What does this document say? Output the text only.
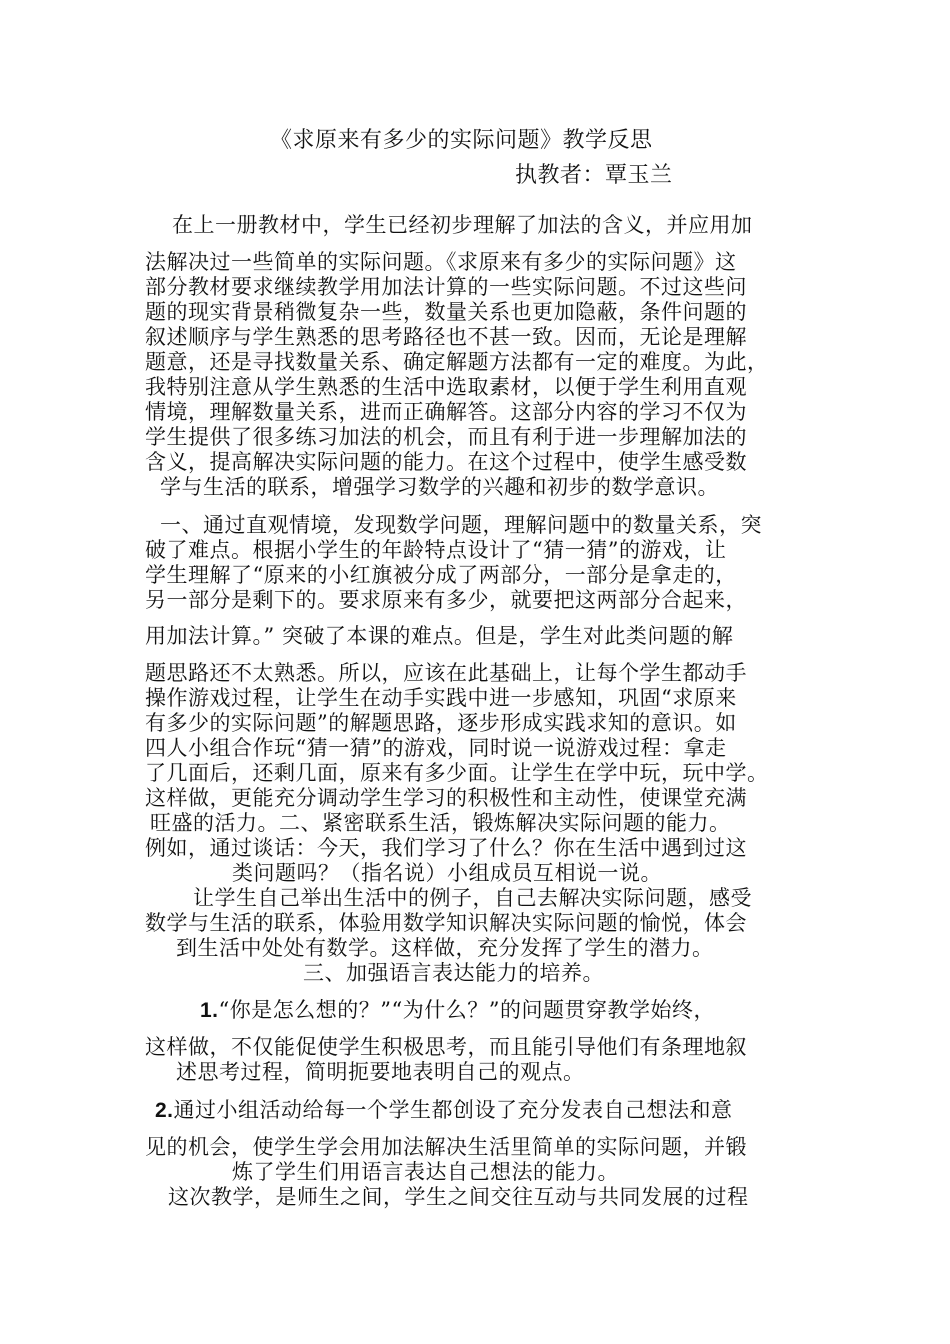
《求原来有多少的实际问题》教学反思
执教者：覃玉兰
在上一册教材中，学生已经初步理解了加法的含义，并应用加
法解决过一些简单的实际问题。《求原来有多少的实际问题》这
部分教材要求继续教学用加法计算的一些实际问题。不过这些问
题的现实背景稍微复杂一些，数量关系也更加隐蔽，条件问题的
叙述顺序与学生熟悉的思考路径也不甚一致。因而，无论是理解
题意，还是寻找数量关系、确定解题方法都有一定的难度。为此，
我特别注意从学生熟悉的生活中选取素材，以便于学生利用直观
情境，理解数量关系，进而正确解答。这部分内容的学习不仅为
学生提供了很多练习加法的机会，而且有利于进一步理解加法的
含义，提高解决实际问题的能力。在这个过程中，使学生感受数
学与生活的联系，增强学习数学的兴趣和初步的数学意识。
一、通过直观情境，发现数学问题，理解问题中的数量关系，突
破了难点。根据小学生的年龄特点设计了“猜一猜”的游戏，让
学生理解了“原来的小红旗被分成了两部分，一部分是拿走的，
另一部分是剩下的。要求原来有多少，就要把这两部分合起来，
用加法计算。” 突破了本课的难点。但是，学生对此类问题的解
题思路还不太熟悉。所以，应该在此基础上，让每个学生都动手
操作游戏过程，让学生在动手实践中进一步感知，巩固“求原来
有多少的实际问题”的解题思路，逐步形成实践求知的意识。如
四人小组合作玩“猜一猜”的游戏，同时说一说游戏过程：拿走
了几面后，还剩几面，原来有多少面。让学生在学中玩，玩中学。
这样做，更能充分调动学生学习的积极性和主动性，使课堂充满
旺盛的活力。二、紧密联系生活，锻炼解决实际问题的能力。
例如，通过谈话：今天，我们学习了什么？你在生活中遇到过这
类问题吗？（指名说）小组成员互相说一说。
让学生自己举出生活中的例子，自己去解决实际问题，感受
数学与生活的联系，体验用数学知识解决实际问题的愉悦，体会
到生活中处处有数学。这样做，充分发挥了学生的潜力。
三、加强语言表达能力的培养。
1.“你是怎么想的？”“为什么？”的问题贯穿教学始终，
这样做，不仅能促使学生积极思考，而且能引导他们有条理地叙
述思考过程，简明扼要地表明自己的观点。
2.通过小组活动给每一个学生都创设了充分发表自己想法和意
见的机会，使学生学会用加法解决生活里简单的实际问题，并锻
炼了学生们用语言表达自己想法的能力。
这次教学，是师生之间，学生之间交往互动与共同发展的过程
